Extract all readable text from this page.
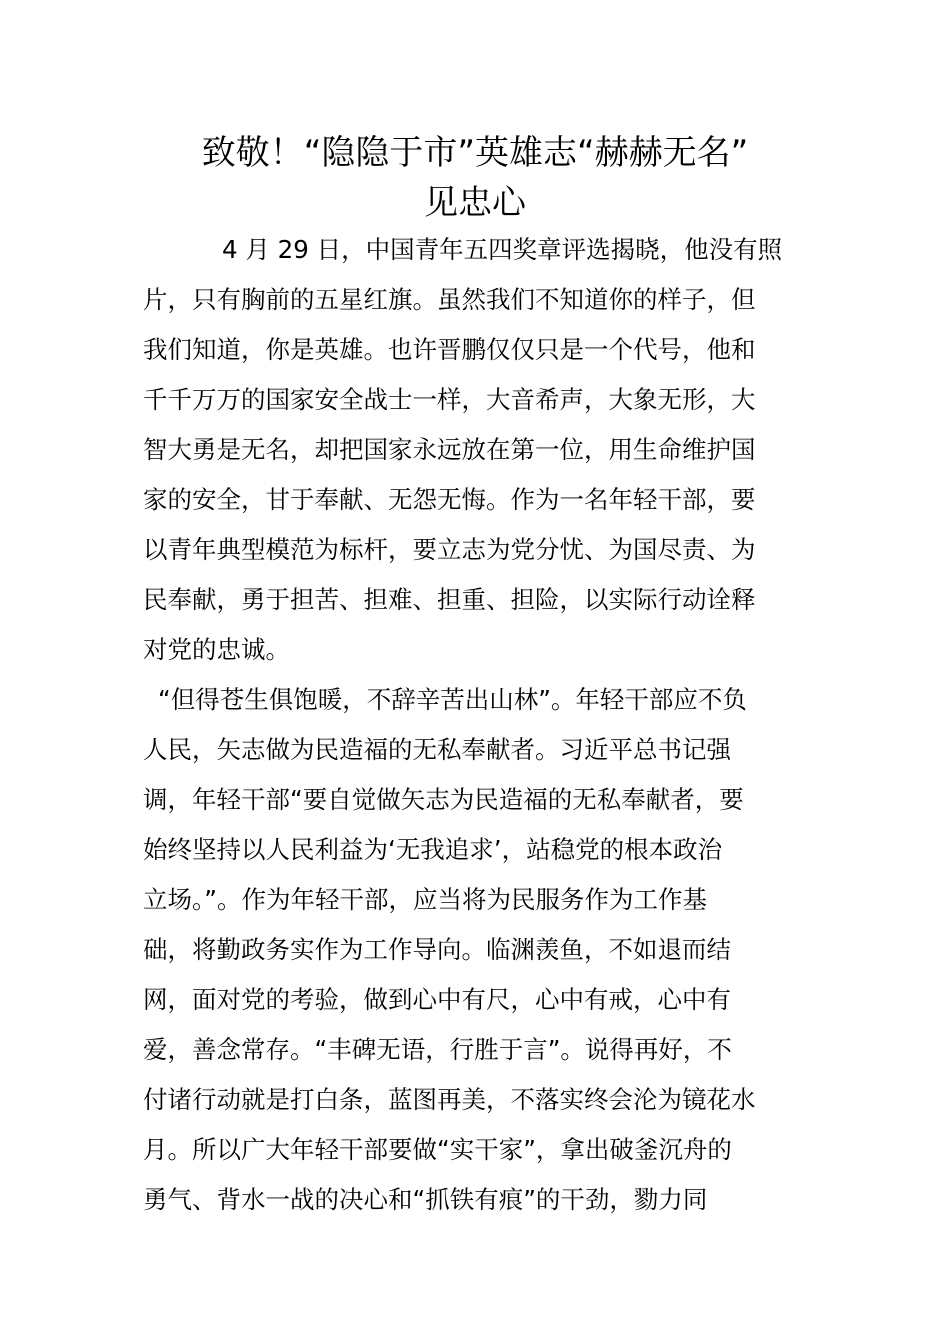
致敬！“隐隐于市”英雄志“赫赫无名”
见忠心

4 月 29 日，中国青年五四奖章评选揭晓，他没有照

片，只有胸前的五星红旗。虽然我们不知道你的样子，但

我们知道，你是英雄。也许晋鹏仅仅只是一个代号，他和

千千万万的国家安全战士一样，大音希声，大象无形，大

智大勇是无名，却把国家永远放在第一位，用生命维护国

家的安全，甘于奉献、无怨无悔。作为一名年轻干部，要

以青年典型模范为标杆，要立志为党分忧、为国尽责、为

民奉献，勇于担苦、担难、担重、担险，以实际行动诠释

对党的忠诚。

“但得苍生俱饱暖，不辞辛苦出山林”。年轻干部应不负

人民，矢志做为民造福的无私奉献者。习近平总书记强

调，年轻干部“要自觉做矢志为民造福的无私奉献者，要

始终坚持以人民利益为‘无我追求’，站稳党的根本政治

立场。”。作为年轻干部，应当将为民服务作为工作基

础，将勤政务实作为工作导向。临渊羡鱼，不如退而结

网，面对党的考验，做到心中有尺，心中有戒，心中有

爱，善念常存。“丰碑无语，行胜于言”。说得再好，不

付诸行动就是打白条，蓝图再美，不落实终会沦为镜花水

月。所以广大年轻干部要做“实干家”，拿出破釜沉舟的

勇气、背水一战的决心和“抓铁有痕”的干劲，勠力同
